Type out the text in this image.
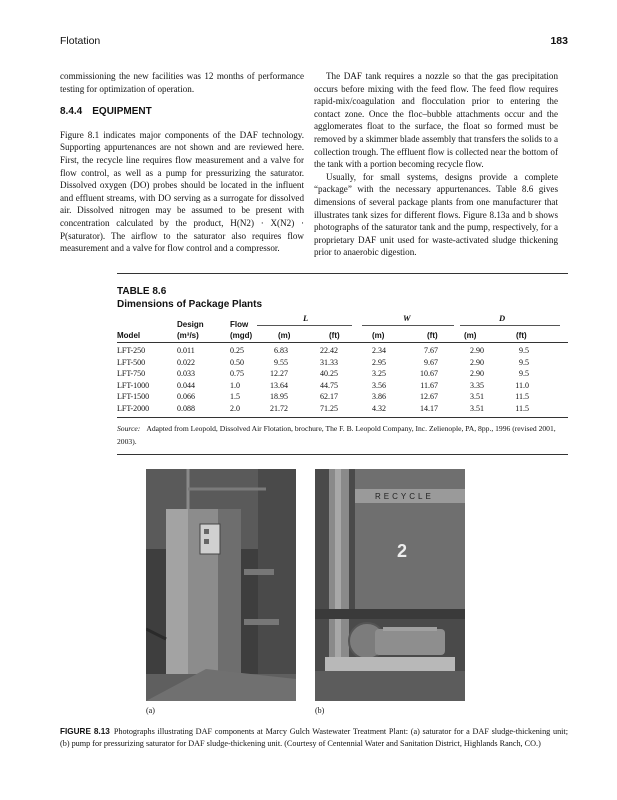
Flotation	183

commissioning the new facilities was 12 months of performance testing for optimization of operation.

8.4.4 EQUIPMENT

Figure 8.1 indicates major components of the DAF technology. Supporting appurtenances are not shown and are reviewed here. First, the recycle line requires flow measurement and a valve for flow control, as well as a pump for pressurizing the saturator. Dissolved oxygen (DO) probes should be located in the influent and effluent streams, with DO serving as a surrogate for dissolved air. Dissolved nitrogen may be assumed to be present with concentration calculated by the product, H(N2) · X(N2) · P(saturator). The airflow to the saturator also requires flow measurement and a valve for flow control and a compressor.

The DAF tank requires a nozzle so that the gas precipitation occurs before mixing with the feed flow. The feed flow requires rapid-mix/coagulation and flocculation prior to entering the contact zone. Once the floc–bubble attachments occur and the agglomerates float to the surface, the float so formed must be removed by a skimmer blade assembly that transfers the solids to a collection trough. The effluent flow is collected near the bottom of the tank with a portion becoming recycle flow.

Usually, for small systems, designs provide a complete “package” with the necessary appurtenances. Table 8.6 gives dimensions of several package plants from one manufacturer that illustrates tank sizes for different flows. Figure 8.13a and b shows photographs of the saturator tank and the pump, respectively, for a proprietary DAF unit used for waste-activated sludge thickening prior to anaerobic digestion.

TABLE 8.6
Dimensions of Package Plants
L	W	D
Design	Flow
Model	(m³/s)	(mgd)	(m)	(ft)	(m)	(ft)	(m)	(ft)
LFT-250	0.011	0.25	6.83	22.42	2.34	7.67	2.90	9.5
LFT-500	0.022	0.50	9.55	31.33	2.95	9.67	2.90	9.5
LFT-750	0.033	0.75	12.27	40.25	3.25	10.67	2.90	9.5
LFT-1000	0.044	1.0	13.64	44.75	3.56	11.67	3.35	11.0
LFT-1500	0.066	1.5	18.95	62.17	3.86	12.67	3.51	11.5
LFT-2000	0.088	2.0	21.72	71.25	4.32	14.17	3.51	11.5
Source: Adapted from Leopold, Dissolved Air Flotation, brochure, The F. B. Leopold Company, Inc. Zelienople, PA, 8pp., 1996 (revised 2001, 2003).
(a)
RECYCLE
2
(b)
FIGURE 8.13 Photographs illustrating DAF components at Marcy Gulch Wastewater Treatment Plant: (a) saturator for a DAF sludge-thickening unit; (b) pump for pressurizing saturator for DAF sludge-thickening unit. (Courtesy of Centennial Water and Sanitation District, Highlands Ranch, CO.)
